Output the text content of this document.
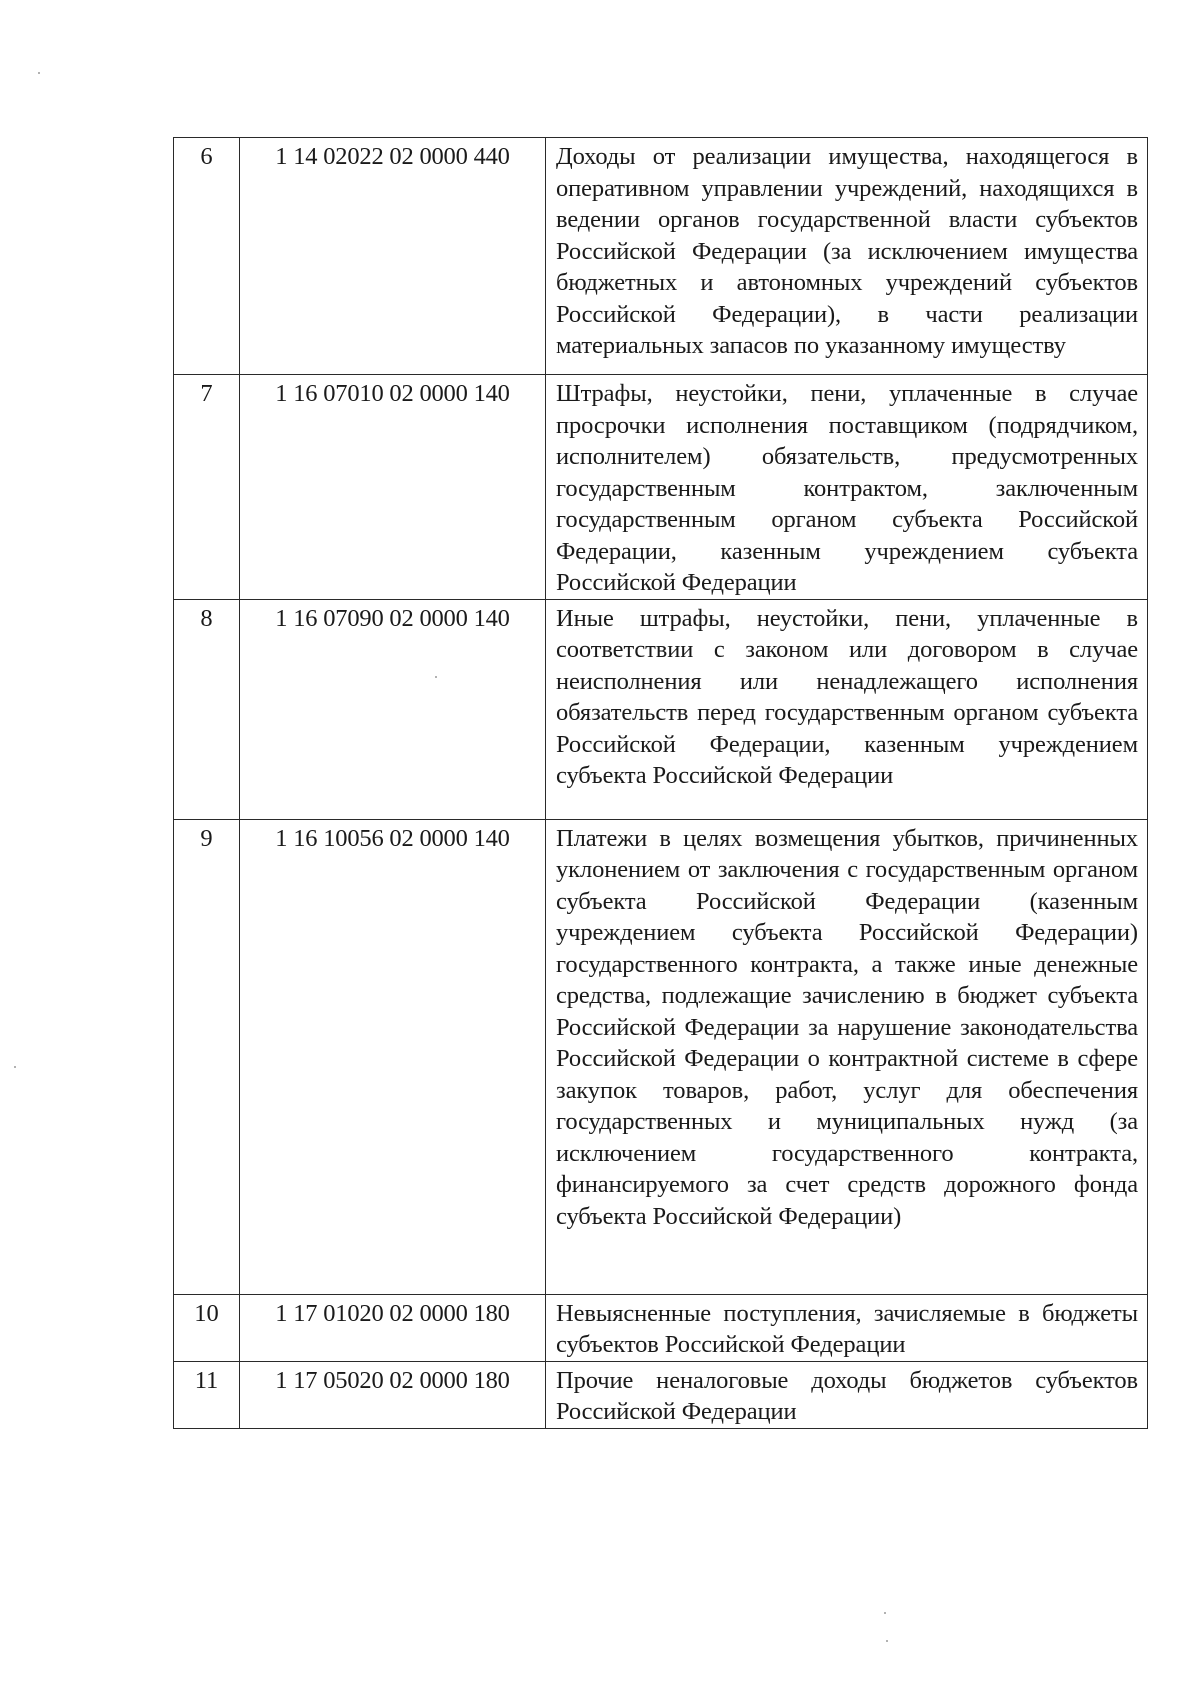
6	1 14 02022 02 0000 440	Доходы от реализации имущества, находящегося в оперативном управлении учреждений, находящихся в ведении органов государственной власти субъектов Российской Федерации (за исключением имущества бюджетных и автономных учреждений субъектов Российской Федерации), в части реализации материальных запасов по указанному имуществу
7	1 16 07010 02 0000 140	Штрафы, неустойки, пени, уплаченные в случае просрочки исполнения поставщиком (подрядчиком, исполнителем) обязательств, предусмотренных государственным контрактом, заключенным государственным органом субъекта Российской Федерации, казенным учреждением субъекта Российской Федерации
8	1 16 07090 02 0000 140	Иные штрафы, неустойки, пени, уплаченные в соответствии с законом или договором в случае неисполнения или ненадлежащего исполнения обязательств перед государственным органом субъекта Российской Федерации, казенным учреждением субъекта Российской Федерации
9	1 16 10056 02 0000 140	Платежи в целях возмещения убытков, причиненных уклонением от заключения с государственным органом субъекта Российской Федерации (казенным учреждением субъекта Российской Федерации) государственного контракта, а также иные денежные средства, подлежащие зачислению в бюджет субъекта Российской Федерации за нарушение законодательства Российской Федерации о контрактной системе в сфере закупок товаров, работ, услуг для обеспечения государственных и муниципальных нужд (за исключением государственного контракта, финансируемого за счет средств дорожного фонда субъекта Российской Федерации)
10	1 17 01020 02 0000 180	Невыясненные поступления, зачисляемые в бюджеты субъектов Российской Федерации
11	1 17 05020 02 0000 180	Прочие неналоговые доходы бюджетов субъектов Российской Федерации
